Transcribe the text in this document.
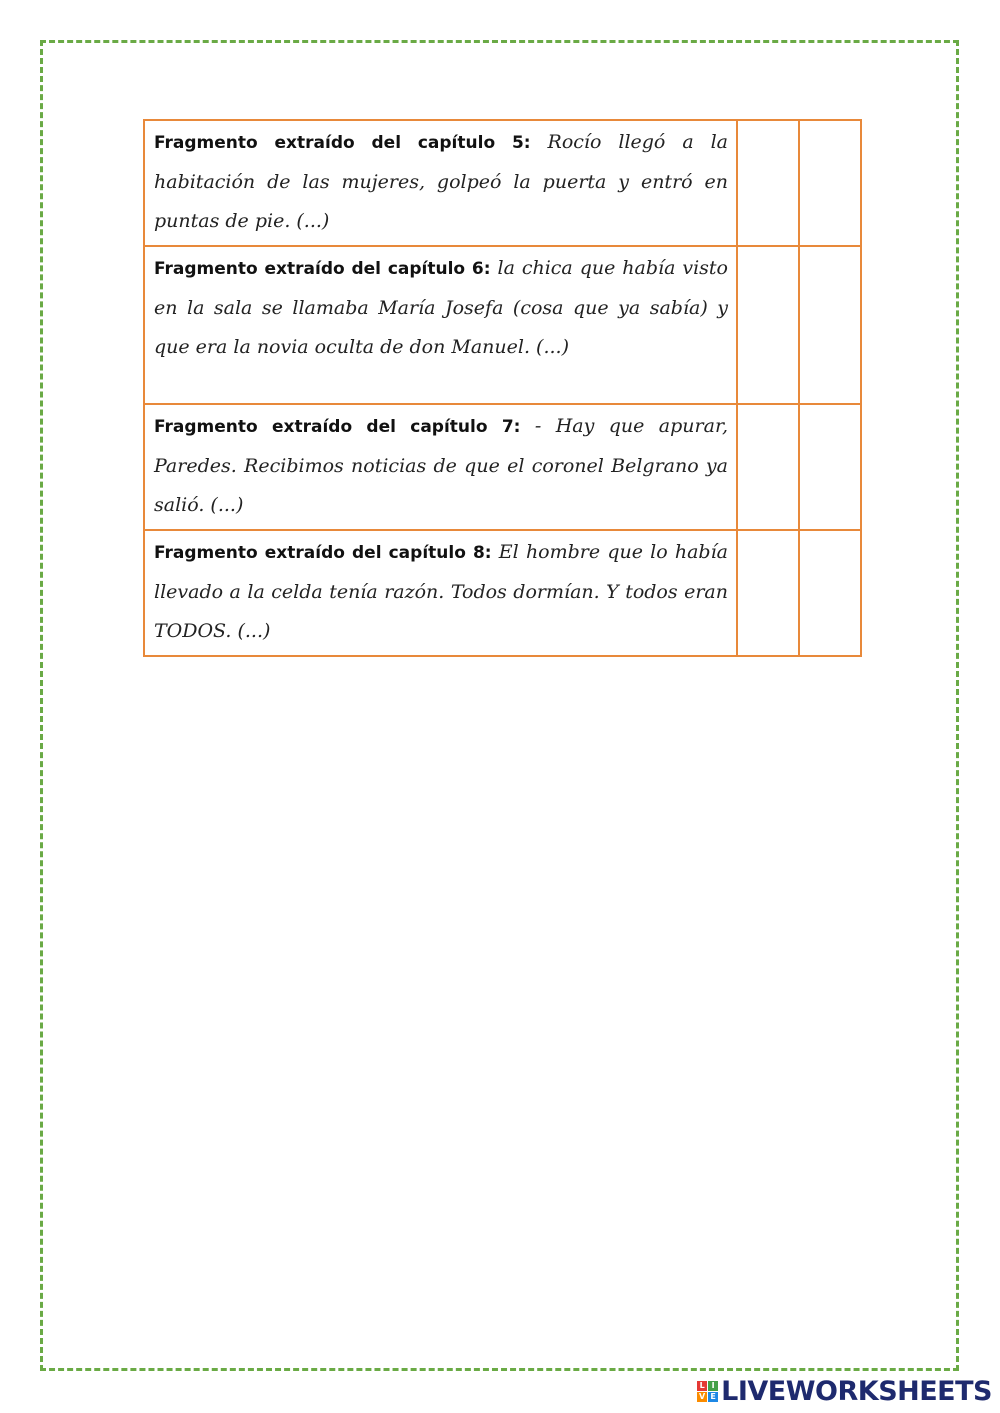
Fragmento extraído del capítulo 5: Rocío llegó a la habitación de las mujeres, golpeó la puerta y entró en puntas de pie. (...)		

Fragmento extraído del capítulo 6: la chica que había visto en la sala se llamaba María Josefa (cosa que ya sabía) y que era la novia oculta de don Manuel. (...)		

Fragmento extraído del capítulo 7: - Hay que apurar, Paredes. Recibimos noticias de que el coronel Belgrano ya salió. (...)		

Fragmento extraído del capítulo 8: El hombre que lo había llevado a la celda tenía razón. Todos dormían. Y todos eran TODOS. (...)		

L I
V E LIVEWORKSHEETS
